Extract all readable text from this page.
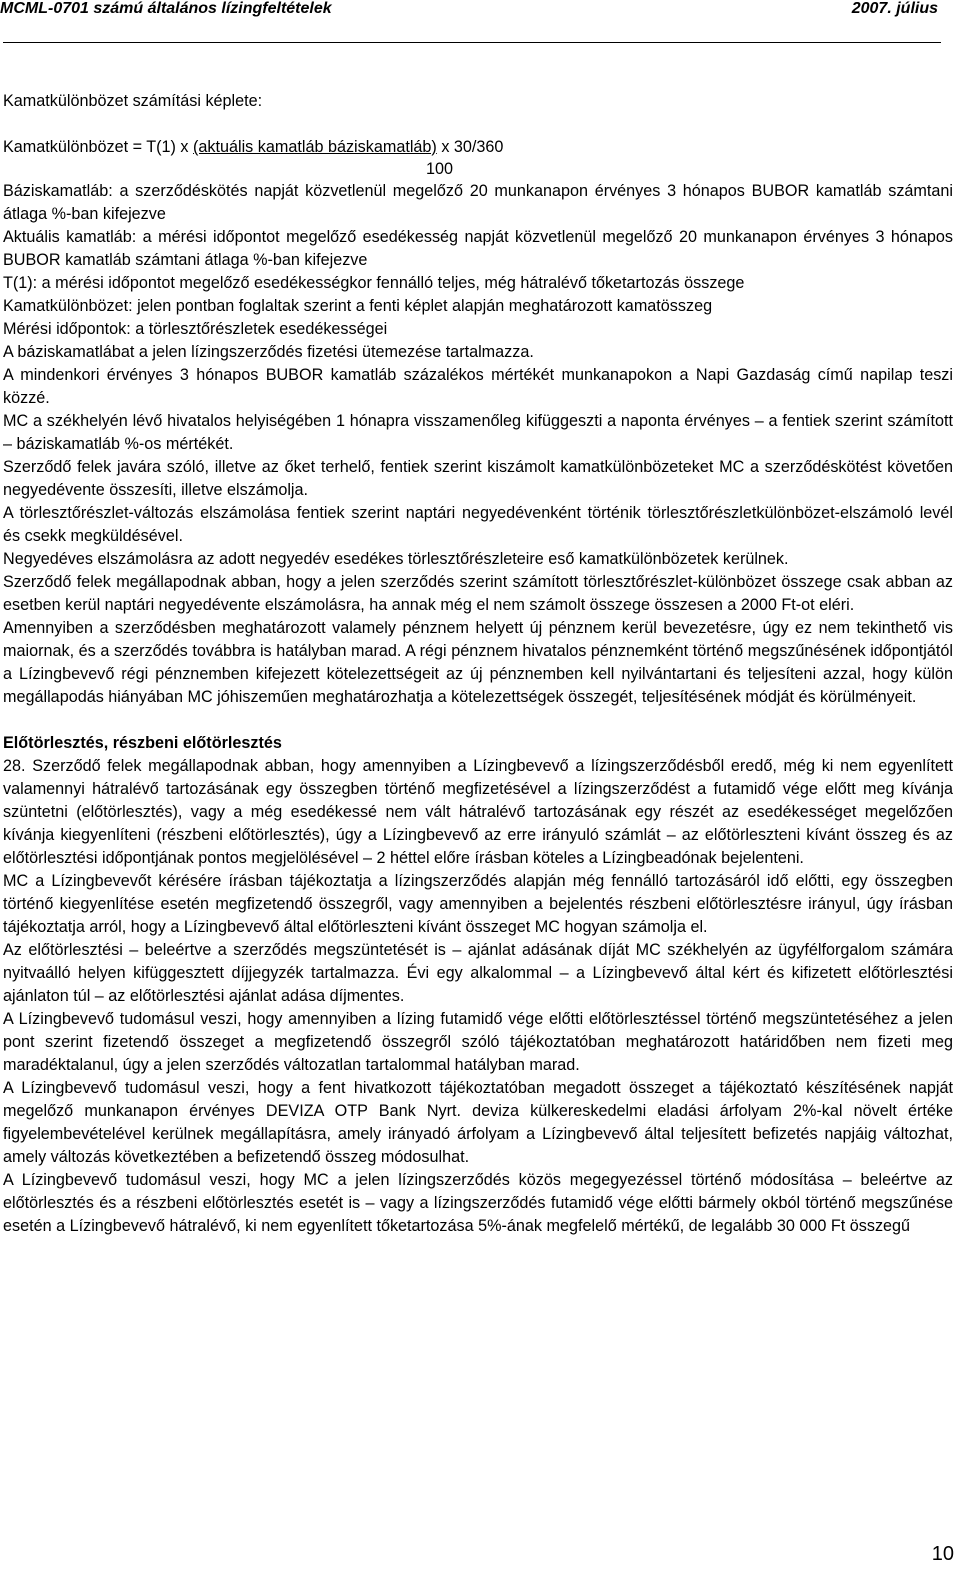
MCML-0701 számú általános lízingfeltételek	2007. július

Kamatkülönbözet számítási képlete:

Kamatkülönbözet = T(1) x (aktuális kamatláb báziskamatláb) x 30/360

100

Báziskamatláb: a szerződéskötés napját közvetlenül megelőző 20 munkanapon érvényes 3 hónapos BUBOR kamatláb számtani átlaga %-ban kifejezve

Aktuális kamatláb: a mérési időpontot megelőző esedékesség napját közvetlenül megelőző 20 munkanapon érvényes 3 hónapos BUBOR kamatláb számtani átlaga %-ban kifejezve

T(1): a mérési időpontot megelőző esedékességkor fennálló teljes, még hátralévő tőketartozás összege

Kamatkülönbözet: jelen pontban foglaltak szerint a fenti képlet alapján meghatározott kamatösszeg

Mérési időpontok: a törlesztőrészletek esedékességei

A báziskamatlábat a jelen lízingszerződés fizetési ütemezése tartalmazza.

A mindenkori érvényes 3 hónapos BUBOR kamatláb százalékos mértékét munkanapokon a Napi Gazdaság című napilap teszi közzé.

MC a székhelyén lévő hivatalos helyiségében 1 hónapra visszamenőleg kifüggeszti a naponta érvényes – a fentiek szerint számított – báziskamatláb %-os mértékét.

Szerződő felek javára szóló, illetve az őket terhelő, fentiek szerint kiszámolt kamatkülönbözeteket MC a szerződéskötést követően negyedévente összesíti, illetve elszámolja.

A törlesztőrészlet-változás elszámolása fentiek szerint naptári negyedévenként történik törlesztőrészletkülönbözet-elszámoló levél és csekk megküldésével.

Negyedéves elszámolásra az adott negyedév esedékes törlesztőrészleteire eső kamatkülönbözetek kerülnek.

Szerződő felek megállapodnak abban, hogy a jelen szerződés szerint számított törlesztőrészlet-különbözet összege csak abban az esetben kerül naptári negyedévente elszámolásra, ha annak még el nem számolt összege összesen a 2000 Ft-ot eléri.

Amennyiben a szerződésben meghatározott valamely pénznem helyett új pénznem kerül bevezetésre, úgy ez nem tekinthető vis maiornak, és a szerződés továbbra is hatályban marad. A régi pénznem hivatalos pénznemként történő megszűnésének időpontjától a Lízingbevevő régi pénznemben kifejezett kötelezettségeit az új pénznemben kell nyilvántartani és teljesíteni azzal, hogy külön megállapodás hiányában MC jóhiszeműen meghatározhatja a kötelezettségek összegét, teljesítésének módját és körülményeit.

Előtörlesztés, részbeni előtörlesztés

28. Szerződő felek megállapodnak abban, hogy amennyiben a Lízingbevevő a lízingszerződésből eredő, még ki nem egyenlített valamennyi hátralévő tartozásának egy összegben történő megfizetésével a lízingszerződést a futamidő vége előtt meg kívánja szüntetni (előtörlesztés), vagy a még esedékessé nem vált hátralévő tartozásának egy részét az esedékességet megelőzően kívánja kiegyenlíteni (részbeni előtörlesztés), úgy a Lízingbevevő az erre irányuló számlát – az előtörleszteni kívánt összeg és az előtörlesztési időpontjának pontos megjelölésével – 2 héttel előre írásban köteles a Lízingbeadónak bejelenteni.

MC a Lízingbevevőt kérésére írásban tájékoztatja a lízingszerződés alapján még fennálló tartozásáról idő előtti, egy összegben történő kiegyenlítése esetén megfizetendő összegről, vagy amennyiben a bejelentés részbeni előtörlesztésre irányul, úgy írásban tájékoztatja arról, hogy a Lízingbevevő által előtörleszteni kívánt összeget MC hogyan számolja el.

Az előtörlesztési – beleértve a szerződés megszüntetését is – ajánlat adásának díját MC székhelyén az ügyfélforgalom számára nyitvaálló helyen kifüggesztett díjjegyzék tartalmazza. Évi egy alkalommal – a Lízingbevevő által kért és kifizetett előtörlesztési ajánlaton túl – az előtörlesztési ajánlat adása díjmentes.

A Lízingbevevő tudomásul veszi, hogy amennyiben a lízing futamidő vége előtti előtörlesztéssel történő megszüntetéséhez a jelen pont szerint fizetendő összeget a megfizetendő összegről szóló tájékoztatóban meghatározott határidőben nem fizeti meg maradéktalanul, úgy a jelen szerződés változatlan tartalommal hatályban marad.

A Lízingbevevő tudomásul veszi, hogy a fent hivatkozott tájékoztatóban megadott összeget a tájékoztató készítésének napját megelőző munkanapon érvényes DEVIZA OTP Bank Nyrt. deviza külkereskedelmi eladási árfolyam 2%-kal növelt értéke figyelembevételével kerülnek megállapításra, amely irányadó árfolyam a Lízingbevevő által teljesített befizetés napjáig változhat, amely változás következtében a befizetendő összeg módosulhat.

A Lízingbevevő tudomásul veszi, hogy MC a jelen lízingszerződés közös megegyezéssel történő módosítása – beleértve az előtörlesztés és a részbeni előtörlesztés esetét is – vagy a lízingszerződés futamidő vége előtti bármely okból történő megszűnése esetén a Lízingbevevő hátralévő, ki nem egyenlített tőketartozása 5%-ának megfelelő mértékű, de legalább 30 000 Ft összegű

10
